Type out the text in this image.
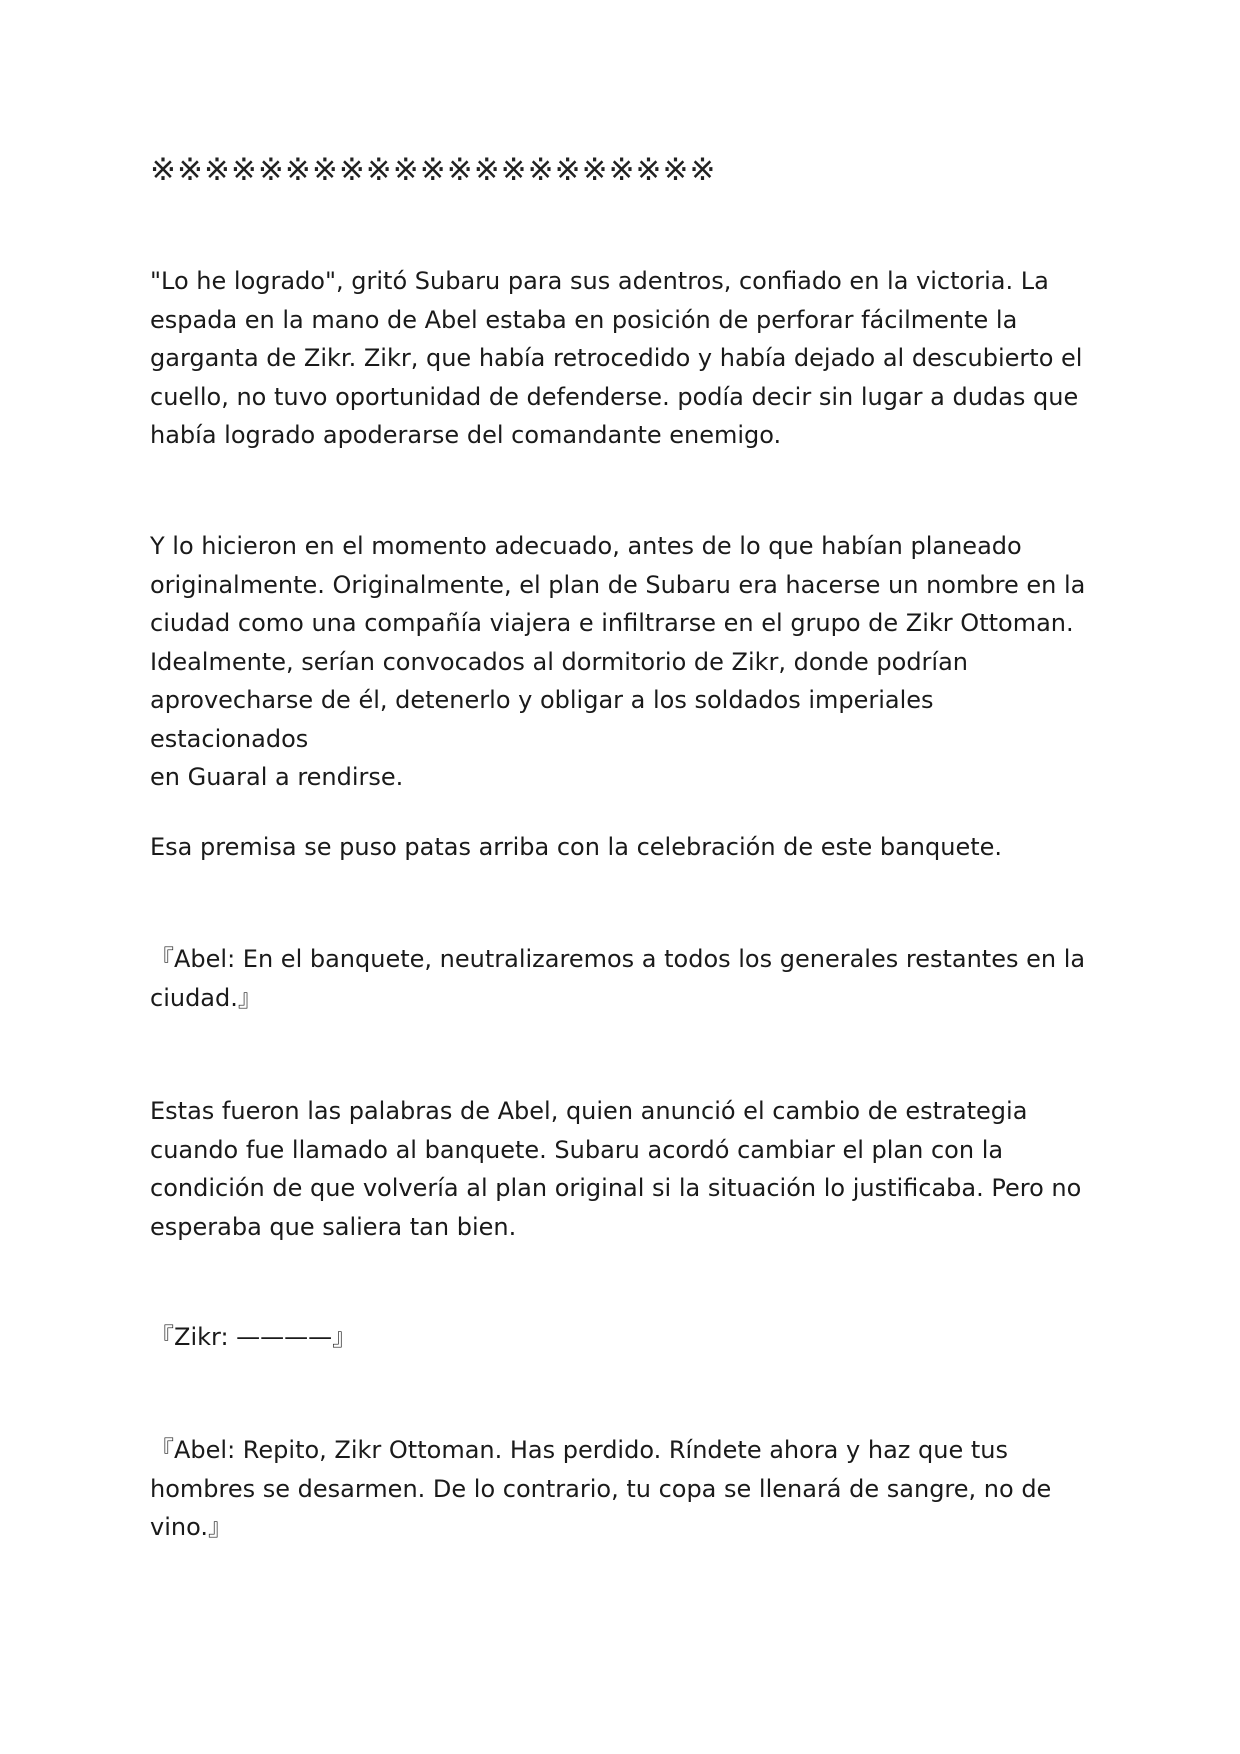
※※※※※※※※※※※※※※※※※※※※※

"Lo he logrado", gritó Subaru para sus adentros, confiado en la victoria. La
espada en la mano de Abel estaba en posición de perforar fácilmente la
garganta de Zikr. Zikr, que había retrocedido y había dejado al descubierto el
cuello, no tuvo oportunidad de defenderse. podía decir sin lugar a dudas que
había logrado apoderarse del comandante enemigo.

Y lo hicieron en el momento adecuado, antes de lo que habían planeado
originalmente. Originalmente, el plan de Subaru era hacerse un nombre en la
ciudad como una compañía viajera e infiltrarse en el grupo de Zikr Ottoman.
Idealmente, serían convocados al dormitorio de Zikr, donde podrían
aprovecharse de él, detenerlo y obligar a los soldados imperiales estacionados
en Guaral a rendirse.

Esa premisa se puso patas arriba con la celebración de este banquete.

『Abel: En el banquete, neutralizaremos a todos los generales restantes en la
ciudad.』

Estas fueron las palabras de Abel, quien anunció el cambio de estrategia
cuando fue llamado al banquete. Subaru acordó cambiar el plan con la
condición de que volvería al plan original si la situación lo justificaba. Pero no
esperaba que saliera tan bien.

『Zikr: ————』

『Abel: Repito, Zikr Ottoman. Has perdido. Ríndete ahora y haz que tus
hombres se desarmen. De lo contrario, tu copa se llenará de sangre, no de
vino.』
